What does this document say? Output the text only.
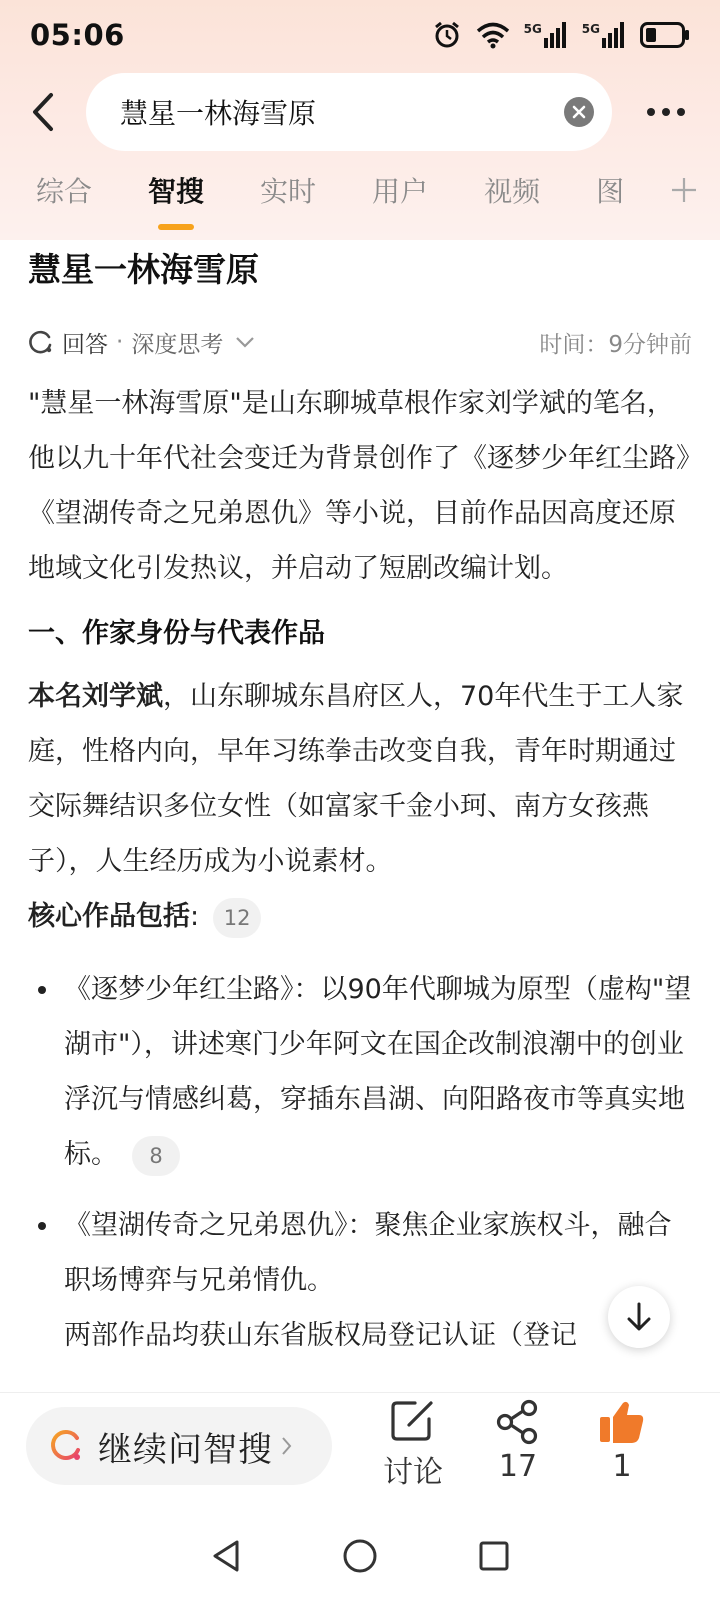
05:06	5G	5G
慧星一林海雪原
综合 智搜 实时 用户 视频 图
慧星一林海雪原
回答 · 深度思考	时间：9分钟前

"慧星一林海雪原"是山东聊城草根作家刘学斌的笔名，他以九十年代社会变迁为背景创作了《逐梦少年红尘路》《望湖传奇之兄弟恩仇》等小说，目前作品因高度还原地域文化引发热议，并启动了短剧改编计划。

一、作家身份与代表作品

本名刘学斌，山东聊城东昌府区人，70年代生于工人家庭，性格内向，早年习练拳击改变自我，青年时期通过交际舞结识多位女性（如富家千金小珂、南方女孩燕子），人生经历成为小说素材。

核心作品包括: 12

《逐梦少年红尘路》：以90年代聊城为原型（虚构"望湖市"），讲述寒门少年阿文在国企改制浪潮中的创业浮沉与情感纠葛，穿插东昌湖、向阳路夜市等真实地标。 8
《望湖传奇之兄弟恩仇》：聚焦企业家族权斗，融合职场博弈与兄弟情仇。

两部作品均获山东省版权局登记认证（登记

继续问智搜
讨论 17	1
